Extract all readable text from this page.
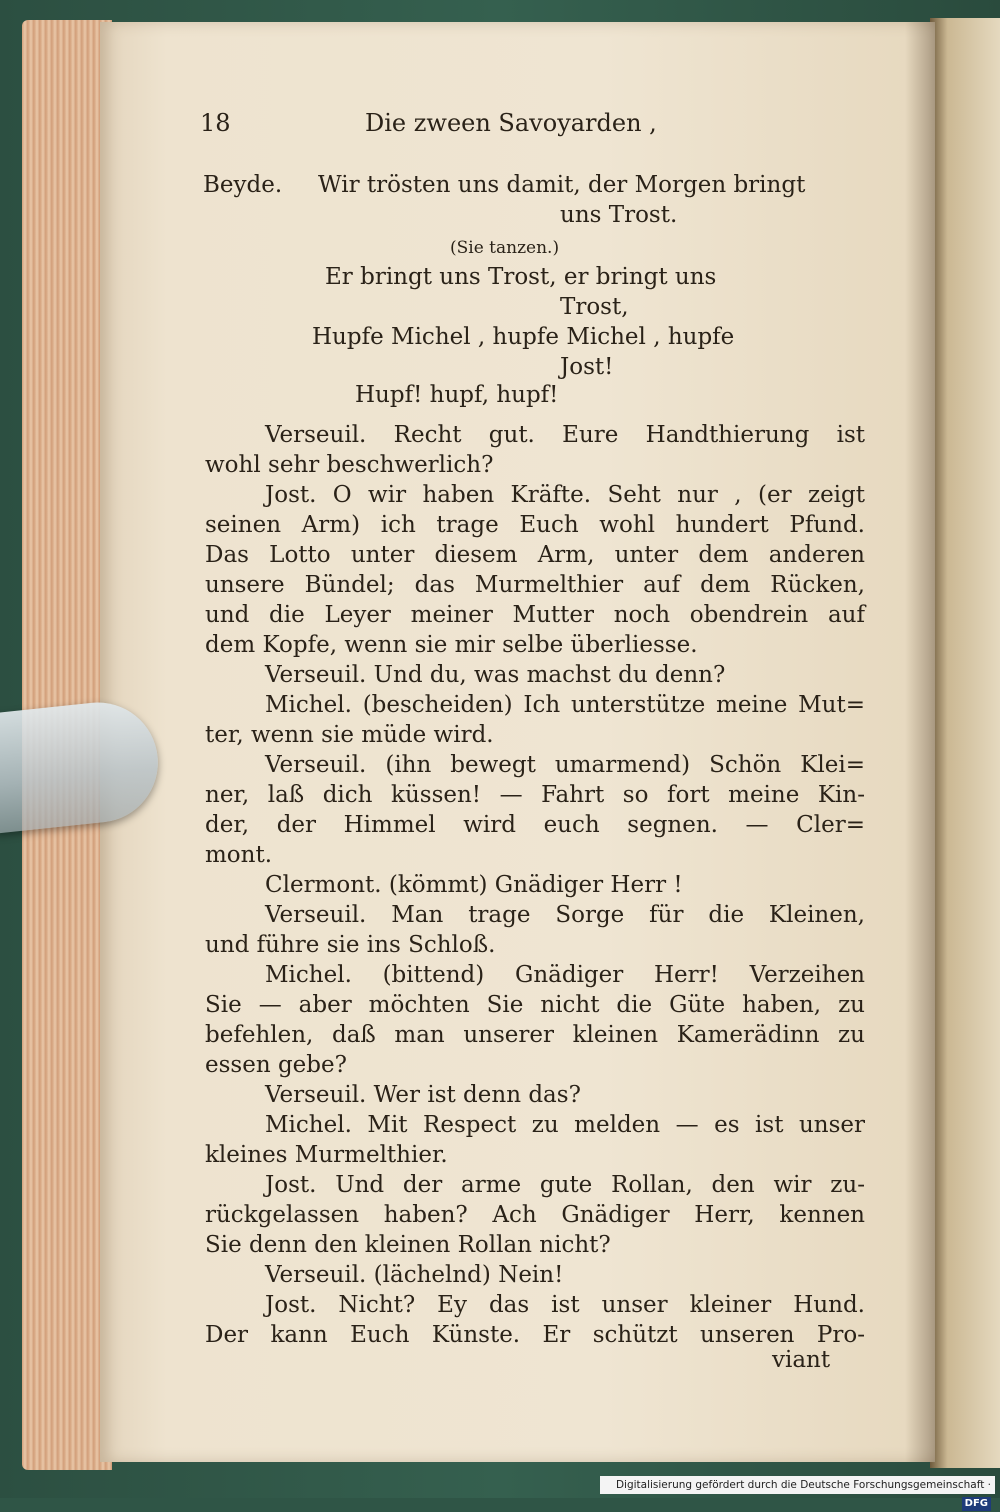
18	Die zween Savoyarden ,
Beyde. Wir trösten uns damit, der Morgen bringt
uns Trost.
(Sie tanzen.)
Er bringt uns Trost, er bringt uns
Trost,
Hupfe Michel , hupfe Michel , hupfe
Jost!
Hupf! hupf, hupf!
Verseuil. Recht gut. Eure Handthierung ist
wohl sehr beschwerlich?
Jost. O wir haben Kräfte. Seht nur , (er zeigt
seinen Arm) ich trage Euch wohl hundert Pfund.
Das Lotto unter diesem Arm, unter dem anderen
unsere Bündel; das Murmelthier auf dem Rücken,
und die Leyer meiner Mutter noch obendrein auf
dem Kopfe, wenn sie mir selbe überliesse.
Verseuil. Und du, was machst du denn?
Michel. (bescheiden) Ich unterstütze meine Mut=
ter, wenn sie müde wird.
Verseuil. (ihn bewegt umarmend) Schön Klei=
ner, laß dich küssen! — Fahrt so fort meine Kin-
der, der Himmel wird euch segnen. — Cler=
mont.
Clermont. (kömmt) Gnädiger Herr !
Verseuil. Man trage Sorge für die Kleinen,
und führe sie ins Schloß.
Michel. (bittend) Gnädiger Herr! Verzeihen
Sie — aber möchten Sie nicht die Güte haben, zu
befehlen, daß man unserer kleinen Kamerädinn zu
essen gebe?
Verseuil. Wer ist denn das?
Michel. Mit Respect zu melden — es ist unser
kleines Murmelthier.
Jost. Und der arme gute Rollan, den wir zu-
rückgelassen haben? Ach Gnädiger Herr, kennen
Sie denn den kleinen Rollan nicht?
Verseuil. (lächelnd) Nein!
Jost. Nicht? Ey das ist unser kleiner Hund.
Der kann Euch Künste. Er schützt unseren Pro-
viant
Digitalisierung gefördert durch die Deutsche Forschungsgemeinschaft ·DFG
